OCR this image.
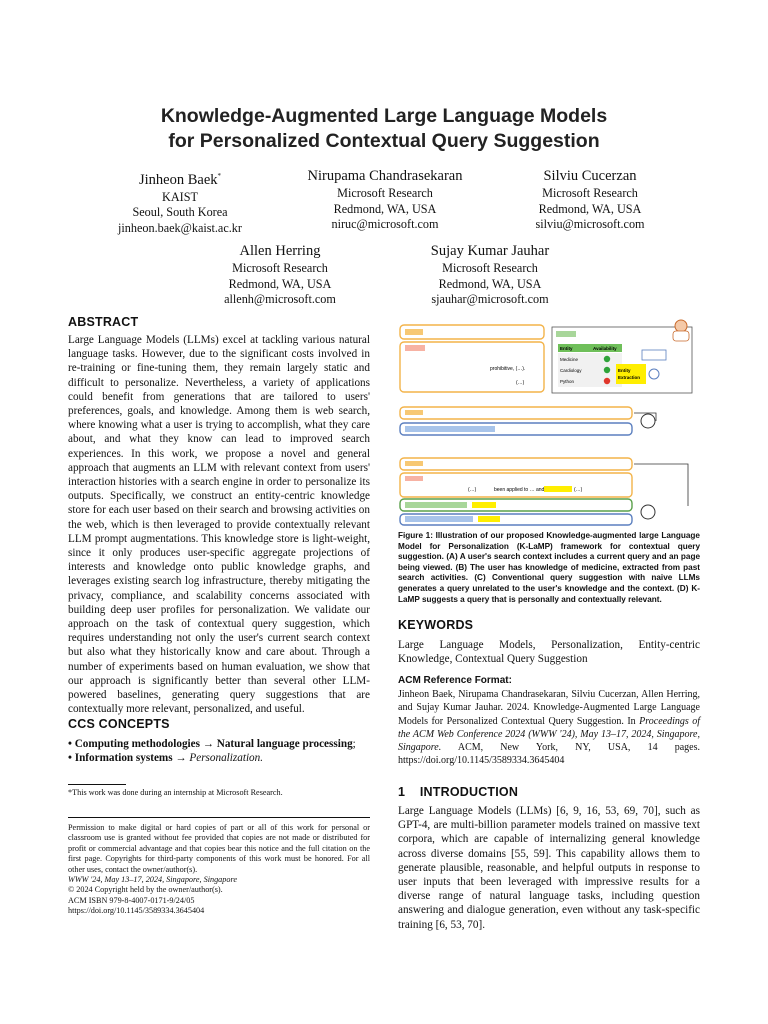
Knowledge-Augmented Large Language Models
for Personalized Contextual Query Suggestion
Jinheon Baek*
KAIST
Seoul, South Korea
jinheon.baek@kaist.ac.kr
Nirupama Chandrasekaran
Microsoft Research
Redmond, WA, USA
niruc@microsoft.com
Silviu Cucerzan
Microsoft Research
Redmond, WA, USA
silviu@microsoft.com
Allen Herring
Microsoft Research
Redmond, WA, USA
allenh@microsoft.com
Sujay Kumar Jauhar
Microsoft Research
Redmond, WA, USA
sjauhar@microsoft.com
ABSTRACT

Large Language Models (LLMs) excel at tackling various natural language tasks. However, due to the significant costs involved in re-training or fine-tuning them, they remain largely static and difficult to personalize. Nevertheless, a variety of applications could benefit from generations that are tailored to users' preferences, goals, and knowledge. Among them is web search, where knowing what a user is trying to accomplish, what they care about, and what they know can lead to improved search experiences. In this work, we propose a novel and general approach that augments an LLM with relevant context from users' interaction histories with a search engine in order to personalize its outputs. Specifically, we construct an entity-centric knowledge store for each user based on their search and browsing activities on the web, which is then leveraged to provide contextually relevant LLM prompt augmentations. This knowledge store is light-weight, since it only produces user-specific aggregate projections of interests and knowledge onto public knowledge graphs, and leverages existing search log infrastructure, thereby mitigating the privacy, compliance, and scalability concerns associated with building deep user profiles for personalization. We validate our approach on the task of contextual query suggestion, which requires understanding not only the user's current search context but also what they historically know and care about. Through a number of experiments based on human evaluation, we show that our approach is significantly better than several other LLM-powered baselines, generating query suggestions that are contextually more relevant, personalized, and useful.

CCS CONCEPTS
• Computing methodologies → Natural language processing;
• Information systems → Personalization.
*This work was done during an internship at Microsoft Research.
Permission to make digital or hard copies of part or all of this work for personal or classroom use is granted without fee provided that copies are not made or distributed for profit or commercial advantage and that copies bear this notice and the full citation on the first page. Copyrights for third-party components of this work must be honored. For all other uses, contact the owner/author(s).
WWW '24, May 13–17, 2024, Singapore, Singapore
© 2024 Copyright held by the owner/author(s).
ACM ISBN 979-8-4007-0171-9/24/05
https://doi.org/10.1145/3589334.3645404
prohibitive, (…).
(…)
Entity	Availability
Medicine
Cardiology
Python
Entity
Extraction
(…)	been applied to … and	(…)
Figure 1: Illustration of our proposed Knowledge-augmented large Language Model for Personalization (K-LaMP) framework for contextual query suggestion. (A) A user's search context includes a current query and an page being viewed. (B) The user has knowledge of medicine, extracted from past search activities. (C) Conventional query suggestion with naive LLMs generates a query unrelated to the user's knowledge and the context. (D) K-LaMP suggests a query that is personally and contextually relevant.
KEYWORDS

Large Language Models, Personalization, Entity-centric Knowledge, Contextual Query Suggestion

ACM Reference Format:

Jinheon Baek, Nirupama Chandrasekaran, Silviu Cucerzan, Allen Herring, and Sujay Kumar Jauhar. 2024. Knowledge-Augmented Large Language Models for Personalized Contextual Query Suggestion. In Proceedings of the ACM Web Conference 2024 (WWW '24), May 13–17, 2024, Singapore, Singapore. ACM, New York, NY, USA, 14 pages. https://doi.org/10.1145/3589334.3645404

1 INTRODUCTION

Large Language Models (LLMs) [6, 9, 16, 53, 69, 70], such as GPT-4, are multi-billion parameter models trained on massive text corpora, which are capable of internalizing general knowledge across diverse domains [55, 59]. This capability allows them to generate plausible, reasonable, and helpful outputs in response to user inputs that been leveraged with impressive results for a diverse range of natural language tasks, including question answering and dialogue generation, even without any task-specific training [6, 53, 70].
